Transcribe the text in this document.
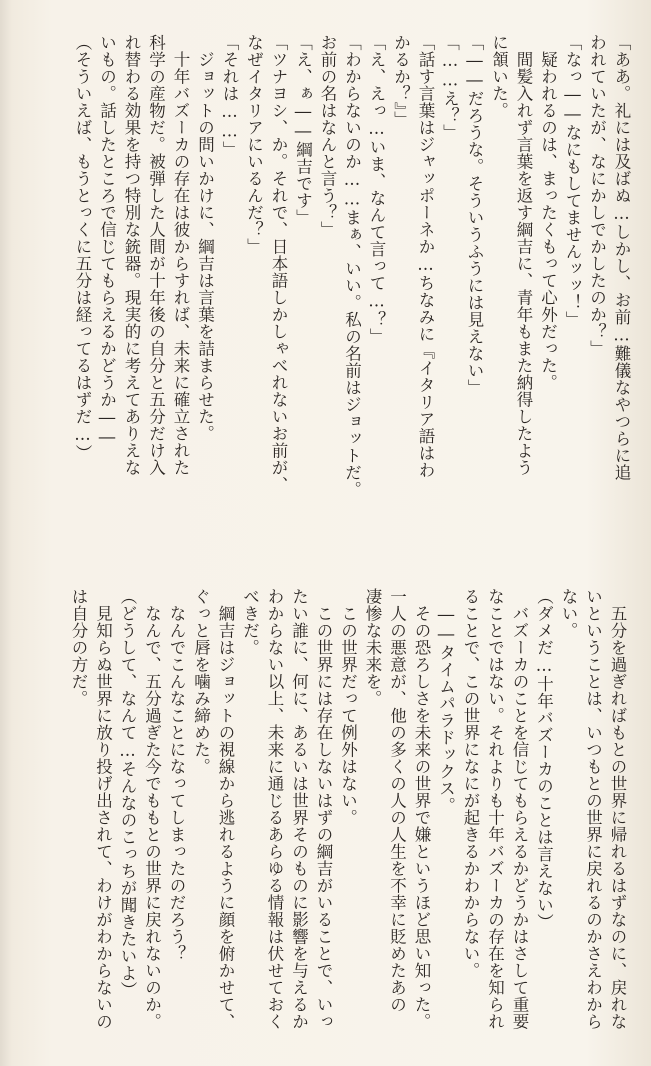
「ああ。礼には及ばぬ…しかし、お前…難儀なやつらに追
われていたが、なにかしでかしたのか？」
「なっ――なにもしてませんッッ！」
　疑われるのは、まったくもって心外だった。
　間髪入れず言葉を返す綱吉に、青年もまた納得したよう
に頷いた。
「――だろうな。そういうふうには見えない」
「……え？」
「話す言葉はジャッポーネか…ちなみに『イタリア語はわ
かるか？』」
「え、えっ…いま、なんて言って…？」
「わからないのか……まぁ、いい。私の名前はジョットだ。
お前の名はなんと言う？」
「え、ぁ――綱吉です」
「ツナヨシ、か。それで、日本語しかしゃべれないお前が、
なぜイタリアにいるんだ？」
「それは……」
　ジョットの問いかけに、綱吉は言葉を詰まらせた。
　十年バズーカの存在は彼からすれば、未来に確立された
科学の産物だ。被弾した人間が十年後の自分と五分だけ入
れ替わる効果を持つ特別な銃器。現実的に考えてありえな
いもの。話したところで信じてもらえるかどうか――
（そういえば、もうとっくに五分は経ってるはずだ…）
　五分を過ぎればもとの世界に帰れるはずなのに、戻れな
いということは、いつもとの世界に戻れるのかさえわから
ない。
（ダメだ…十年バズーカのことは言えない）
　バズーカのことを信じてもらえるかどうかはさして重要
なことではない。それよりも十年バズーカの存在を知られ
ることで、この世界になにが起きるかわからない。
　――タイムパラドックス。
　その恐ろしさを未来の世界で嫌というほど思い知った。
一人の悪意が、他の多くの人の人生を不幸に貶めたあの
凄惨な未来を。
　この世界だって例外はない。
　この世界には存在しないはずの綱吉がいることで、いっ
たい誰に、何に、あるいは世界そのものに影響を与えるか
わからない以上、未来に通じるあらゆる情報は伏せておく
べきだ。
　綱吉はジョットの視線から逃れるように顔を俯かせて、
ぐっと唇を噛み締めた。
　なんでこんなことになってしまったのだろう？
　なんで、五分過ぎた今でももとの世界に戻れないのか。
（どうして、なんて…そんなのこっちが聞きたいよ）
　見知らぬ世界に放り投げ出されて、わけがわからないの
は自分の方だ。
